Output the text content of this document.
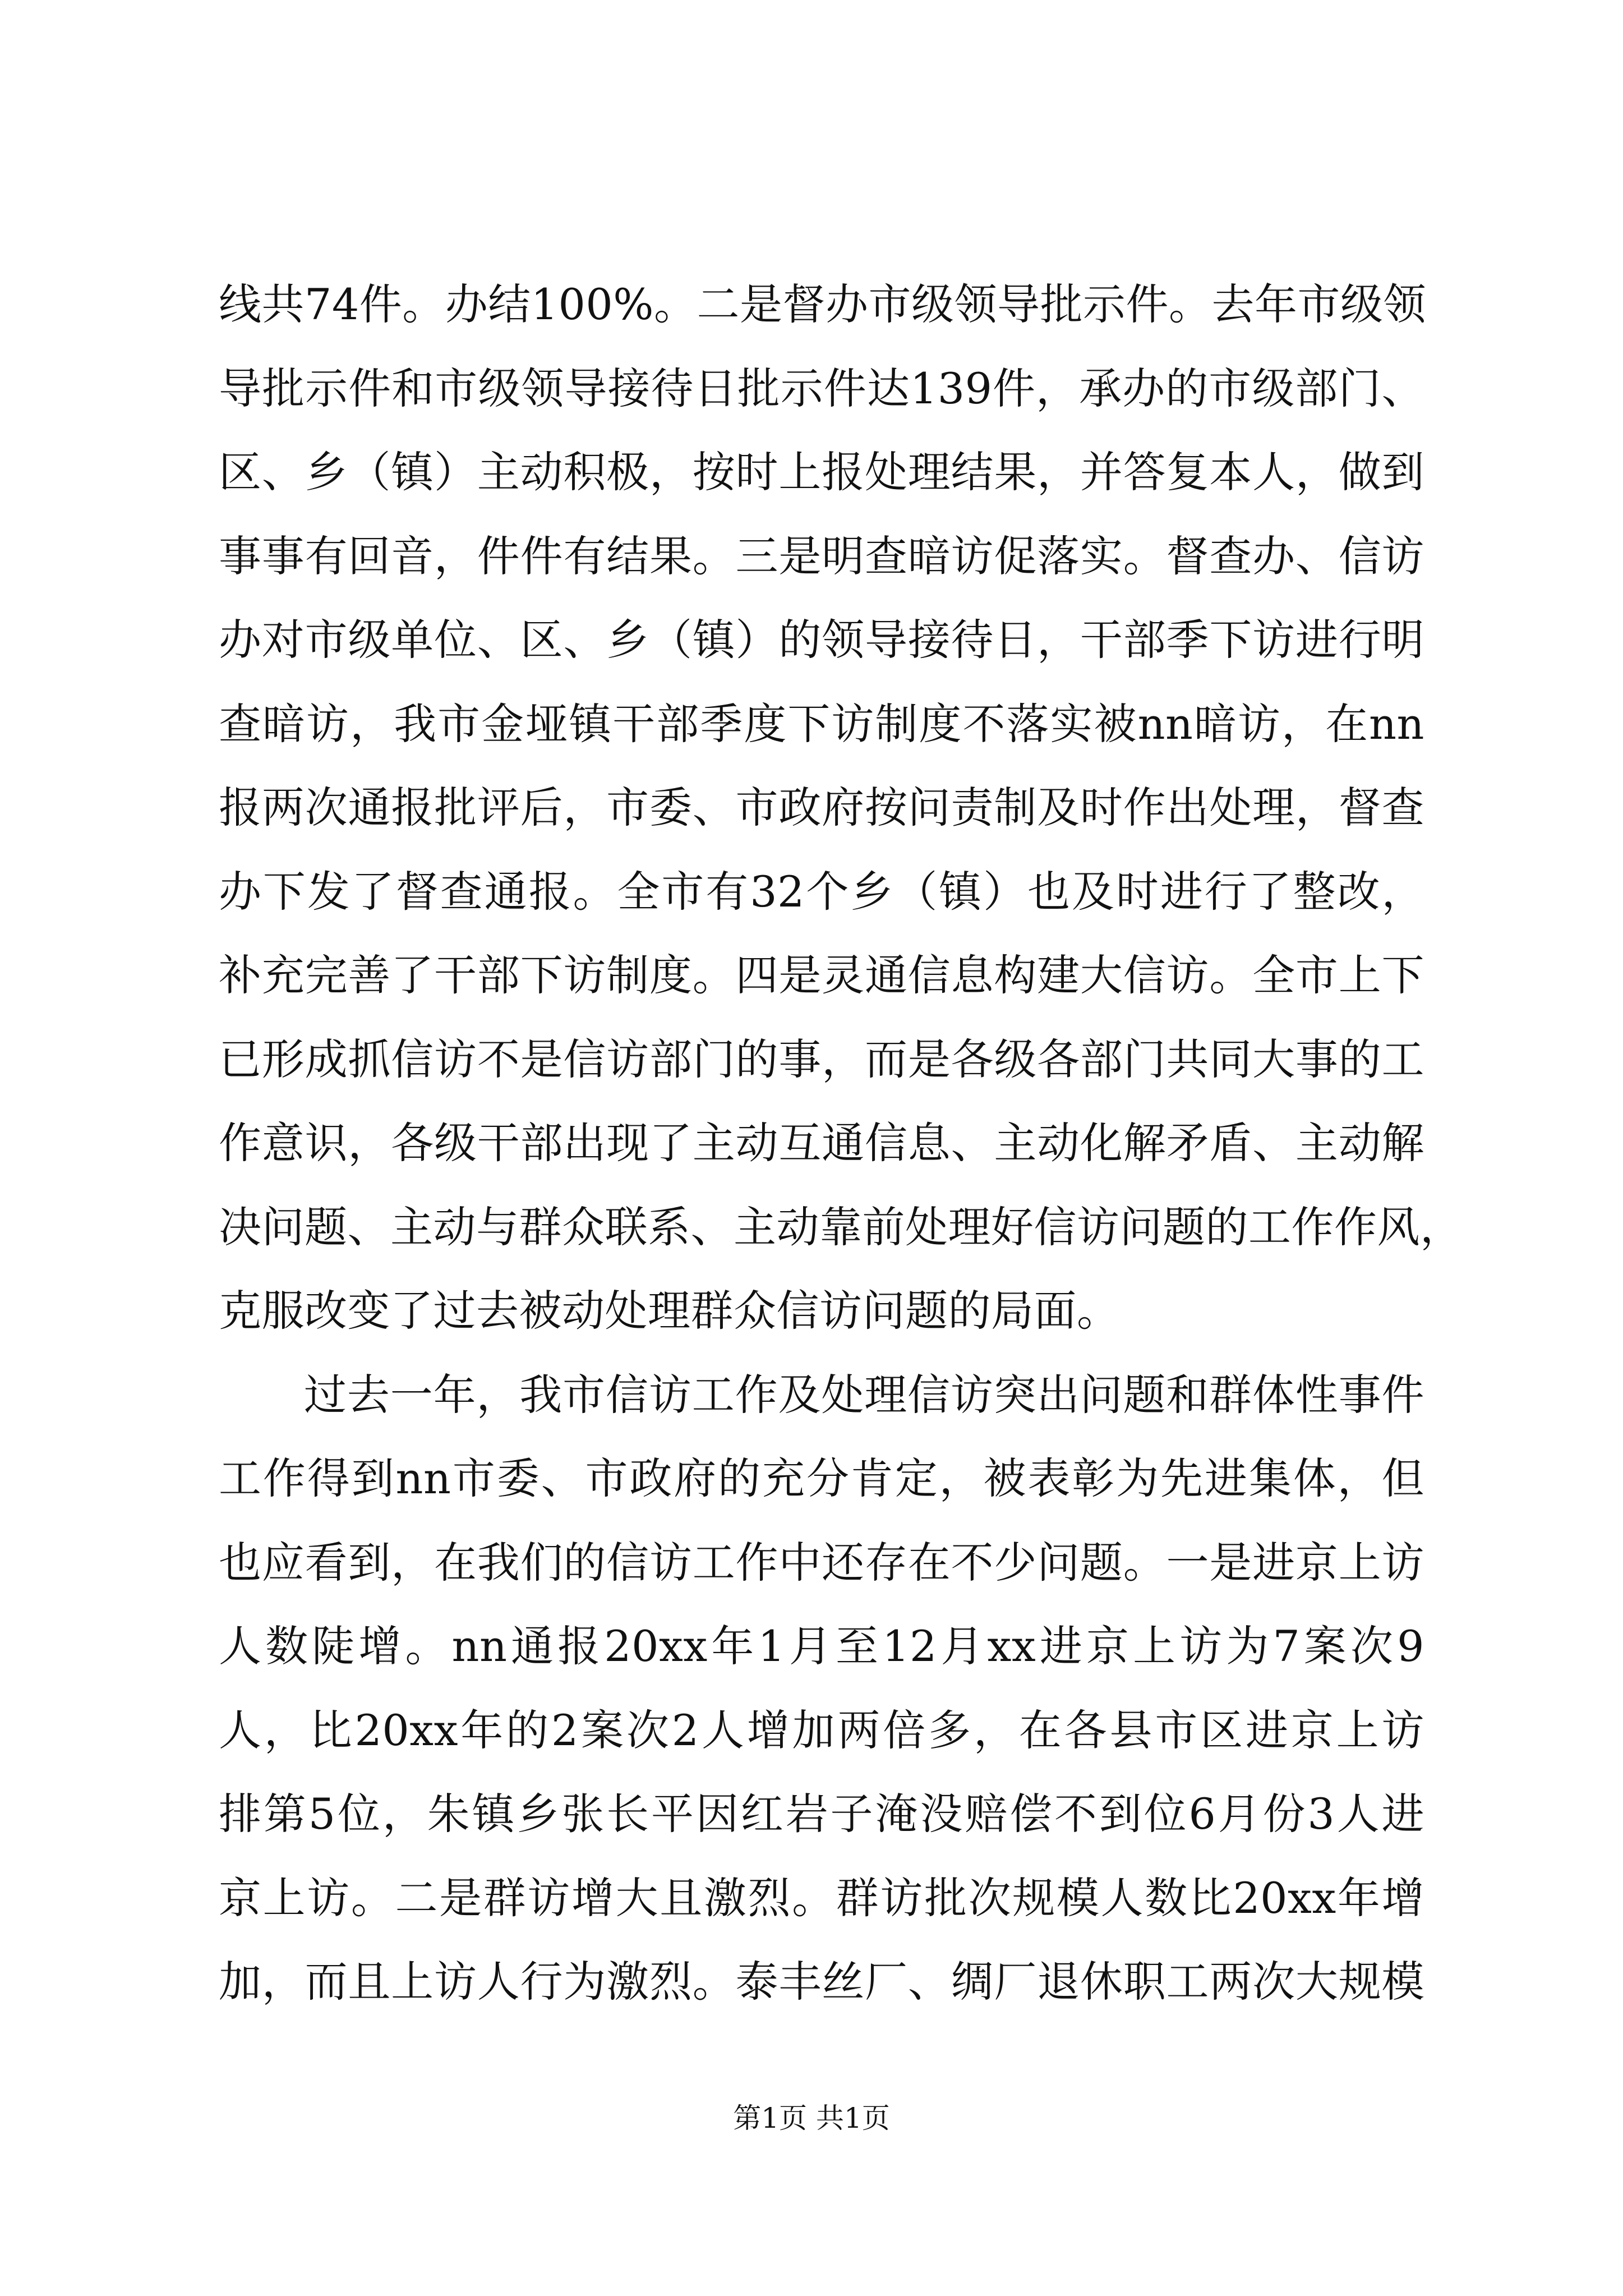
线共74件。办结100%。二是督办市级领导批示件。去年市级领
导批示件和市级领导接待日批示件达139件，承办的市级部门、
区、乡（镇）主动积极，按时上报处理结果，并答复本人，做到
事事有回音，件件有结果。三是明查暗访促落实。督查办、信访
办对市级单位、区、乡（镇）的领导接待日，干部季下访进行明
查暗访，我市金垭镇干部季度下访制度不落实被nn暗访，在nn
报两次通报批评后，市委、市政府按问责制及时作出处理，督查
办下发了督查通报。全市有32个乡（镇）也及时进行了整改，
补充完善了干部下访制度。四是灵通信息构建大信访。全市上下
已形成抓信访不是信访部门的事，而是各级各部门共同大事的工
作意识，各级干部出现了主动互通信息、主动化解矛盾、主动解
决问题、主动与群众联系、主动靠前处理好信访问题的工作作风，
克服改变了过去被动处理群众信访问题的局面。
过去一年，我市信访工作及处理信访突出问题和群体性事件
工作得到nn市委、市政府的充分肯定，被表彰为先进集体，但
也应看到，在我们的信访工作中还存在不少问题。一是进京上访
人数陡增。nn通报20xx年1月至12月xx进京上访为7案次9
人，比20xx年的2案次2人增加两倍多，在各县市区进京上访
排第5位，朱镇乡张长平因红岩子淹没赔偿不到位6月份3人进
京上访。二是群访增大且激烈。群访批次规模人数比20xx年增
加，而且上访人行为激烈。泰丰丝厂、绸厂退休职工两次大规模
第1页 共1页
